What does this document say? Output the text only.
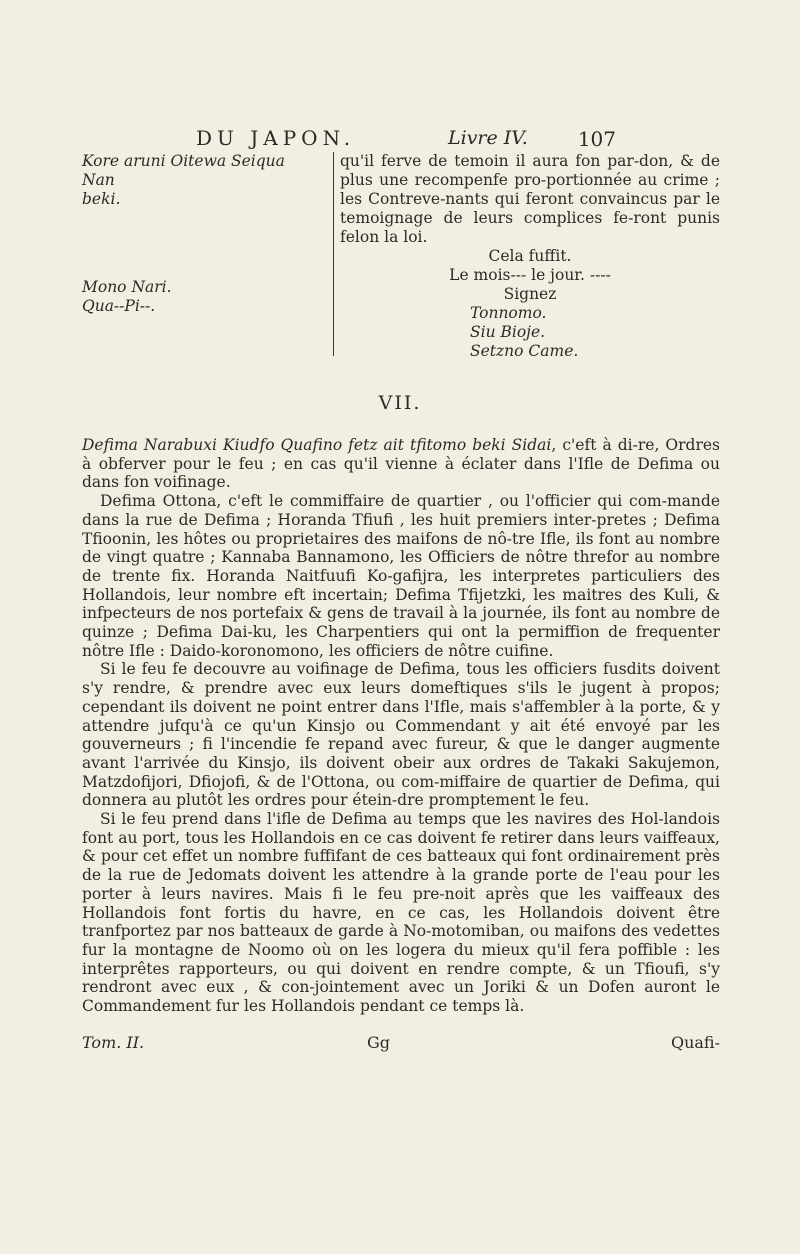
DU JAPON.	Livre IV.	107
Kore aruni Oitewa Seiqua Nan
beki.
Mono Nari.
Qua--Pi--.

qu'il ferve de temoin il aura fon par-don, & de plus une recompenfe pro-portionnée au crime ; les Contreve-nants qui feront convaincus par le temoignage de leurs complices fe-ront punis felon la loi.

Cela fuffit.
Le mois--- le jour. ----
Signez
Tonnomo.
Siu Bioje.
Setzno Came.
VII.

Defima Narabuxi Kiudfo Quafino fetz ait tfitomo beki Sidai, c'eft à di-re, Ordres à obferver pour le feu ; en cas qu'il vienne à éclater dans l'Ifle de Defima ou dans fon voifinage.

Defima Ottona, c'eft le commiffaire de quartier , ou l'officier qui com-mande dans la rue de Defima ; Horanda Tfiufi , les huit premiers inter-pretes ; Defima Tfioonin, les hôtes ou proprietaires des maifons de nô-tre Ifle, ils font au nombre de vingt quatre ; Kannaba Bannamono, les Officiers de nôtre threfor au nombre de trente fix. Horanda Naitfuufi Ko-gafijra, les interpretes particuliers des Hollandois, leur nombre eft incertain; Defima Tfijetzki, les maitres des Kuli, & infpecteurs de nos portefaix & gens de travail à la journée, ils font au nombre de quinze ; Defima Dai-ku, les Charpentiers qui ont la permiffion de frequenter nôtre Ifle : Daido-koronomono, les officiers de nôtre cuifine.

Si le feu fe decouvre au voifinage de Defima, tous les officiers fusdits doivent s'y rendre, & prendre avec eux leurs domeftiques s'ils le jugent à propos; cependant ils doivent ne point entrer dans l'Ifle, mais s'affembler à la porte, & y attendre jufqu'à ce qu'un Kinsjo ou Commendant y ait été envoyé par les gouverneurs ; fi l'incendie fe repand avec fureur, & que le danger augmente avant l'arrivée du Kinsjo, ils doivent obeir aux ordres de Takaki Sakujemon, Matzdofijori, Dfiojofi, & de l'Ottona, ou com-miffaire de quartier de Defima, qui donnera au plutôt les ordres pour étein-dre promptement le feu.

Si le feu prend dans l'ifle de Defima au temps que les navires des Hol-landois font au port, tous les Hollandois en ce cas doivent fe retirer dans leurs vaiffeaux, & pour cet effet un nombre fuffifant de ces batteaux qui font ordinairement près de la rue de Jedomats doivent les attendre à la grande porte de l'eau pour les porter à leurs navires. Mais fi le feu pre-noit après que les vaiffeaux des Hollandois font fortis du havre, en ce cas, les Hollandois doivent être tranfportez par nos batteaux de garde à No-motomiban, ou maifons des vedettes fur la montagne de Noomo où on les logera du mieux qu'il fera poffible : les interprêtes rapporteurs, ou qui doivent en rendre compte, & un Tfioufi, s'y rendront avec eux , & con-jointement avec un Joriki & un Dofen auront le Commandement fur les Hollandois pendant ce temps là.

Tom. II.	Gg	Quafi-
